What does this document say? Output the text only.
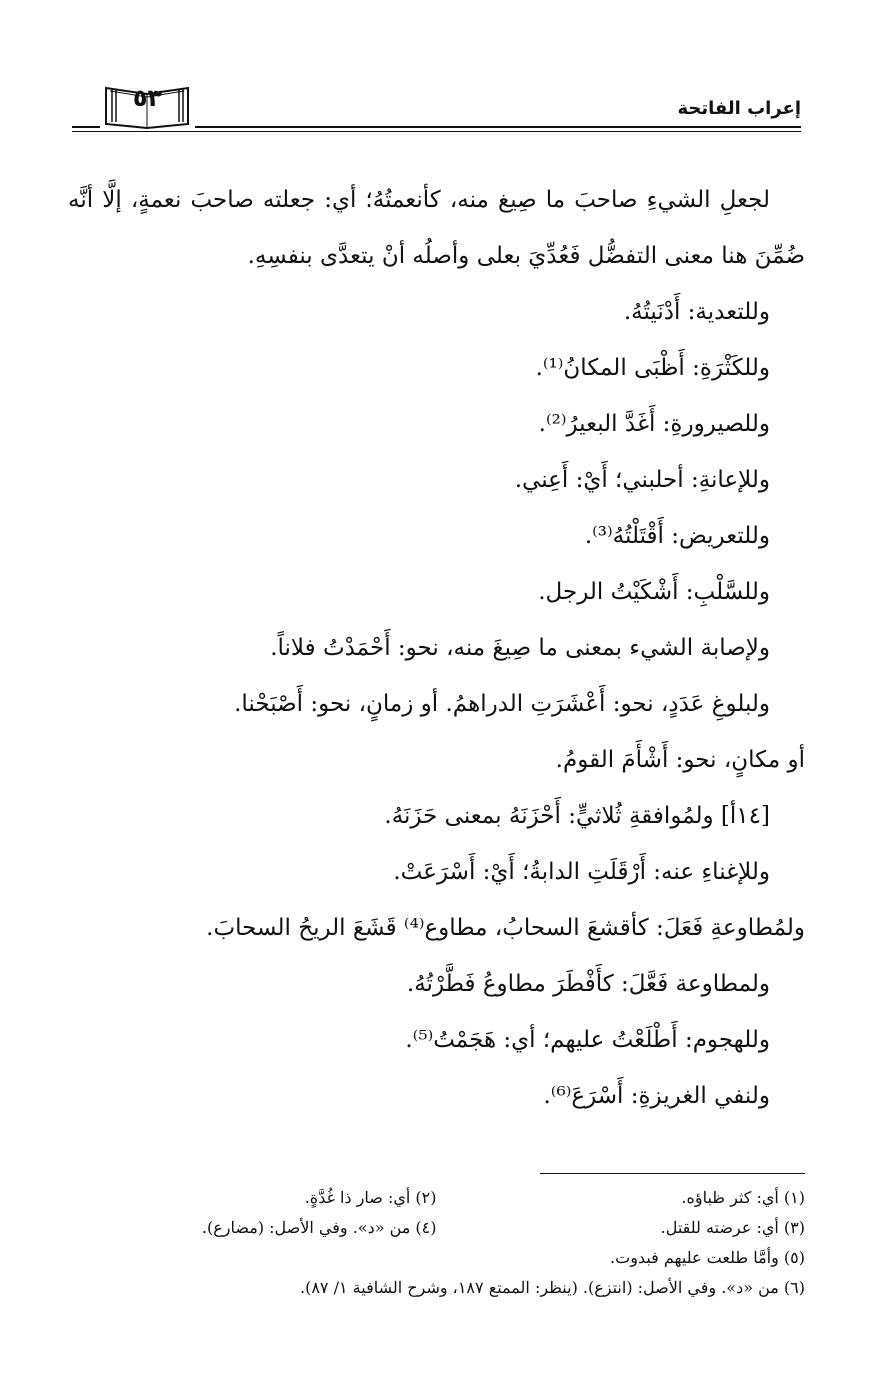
إعراب الفاتحة
٥٣

لجعلِ الشيءِ صاحبَ ما صِيغ منه، كأنعمتُهُ؛ أي: جعلته صاحبَ نعمةٍ، إلَّا أنَّه ضُمِّنَ هنا معنى التفضُّل فَعُدِّيَ بعلى وأصلُه أنْ يتعدَّى بنفسِهِ.

وللتعدية: أَدْنَيتُهُ.

وللكَثْرَةِ: أَظْبَى المكانُ⁽¹⁾.

وللصيرورةِ: أَغَدَّ البعيرُ⁽²⁾.

وللإعانةِ: أحلبني؛ أَيْ: أَعِني.

وللتعريض: أَقْتَلْتُهُ⁽³⁾.

وللسَّلْبِ: أَشْكَيْتُ الرجل.

ولإصابة الشيء بمعنى ما صِيغَ منه، نحو: أَحْمَدْتُ فلاناً.

ولبلوغِ عَدَدٍ، نحو: أَعْشَرَتِ الدراهمُ. أو زمانٍ، نحو: أَصْبَحْنا.

أو مكانٍ، نحو: أَشْأَمَ القومُ.

[١٤أ] ولمُوافقةِ ثُلاثيٍّ: أَحْزَنَهُ بمعنى حَزَنَهُ.

وللإغناءِ عنه: أَرْقَلَتِ الدابةُ؛ أَيْ: أَسْرَعَتْ.

ولمُطاوعةِ فَعَلَ: كأقشعَ السحابُ، مطاوع⁽⁴⁾ قَشَعَ الريحُ السحابَ.

ولمطاوعة فَعَّلَ: كأَفْطَرَ مطاوعُ فَطَّرْتُهُ.

وللهجوم: أَطْلَعْتُ عليهم؛ أي: هَجَمْتُ⁽⁵⁾.

ولنفي الغريزةِ: أَسْرَعَ⁽⁶⁾.

(١) أي: كثر ظباؤه.
(٢) أي: صار ذا غُدَّةٍ.
(٣) أي: عرضته للقتل.
(٤) من «د». وفي الأصل: (مضارع).
(٥) وأمَّا طلعت عليهم فبدوت.
(٦) من «د». وفي الأصل: (انتزع). (ينظر: الممتع ١٨٧، وشرح الشافية ١/ ٨٧).
